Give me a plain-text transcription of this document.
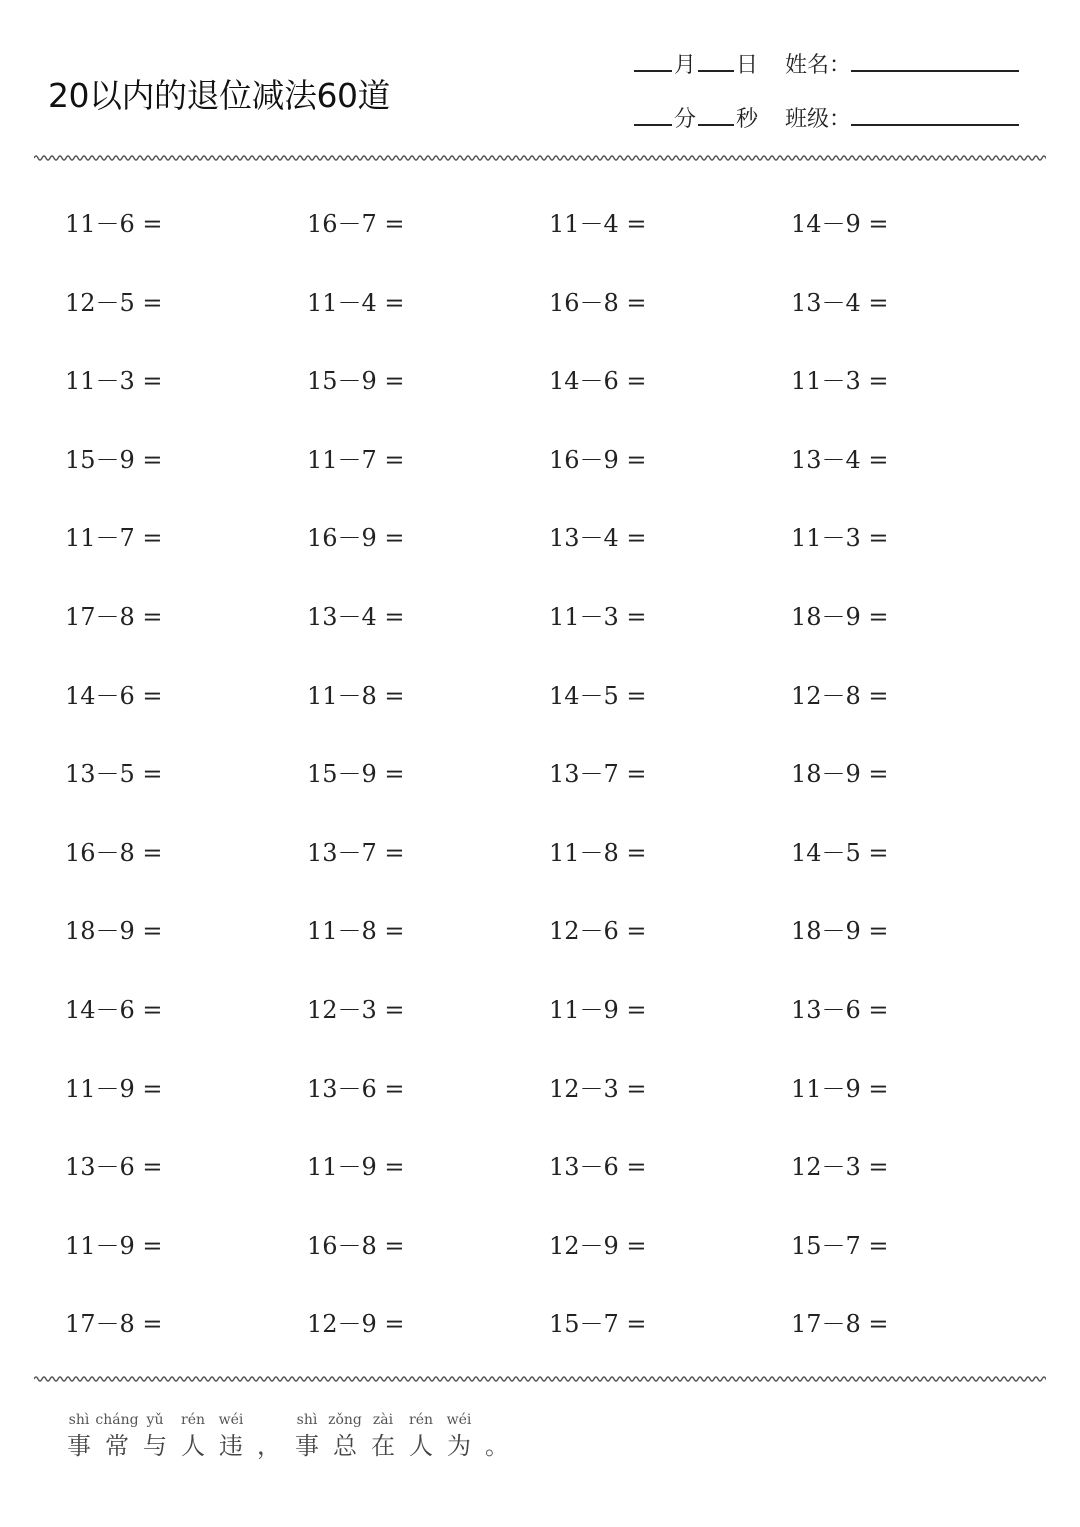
20以内的退位减法60道
月 日 姓名：
分 秒 班级：
11－6 =	16－7 =	11－4 =	14－9 =
12－5 =	11－4 =	16－8 =	13－4 =
11－3 =	15－9 =	14－6 =	11－3 =
15－9 =	11－7 =	16－9 =	13－4 =
11－7 =	16－9 =	13－4 =	11－3 =
17－8 =	13－4 =	11－3 =	18－9 =
14－6 =	11－8 =	14－5 =	12－8 =
13－5 =	15－9 =	13－7 =	18－9 =
16－8 =	13－7 =	11－8 =	14－5 =
18－9 =	11－8 =	12－6 =	18－9 =
14－6 =	12－3 =	11－9 =	13－6 =
11－9 =	13－6 =	12－3 =	11－9 =
13－6 =	11－9 =	13－6 =	12－3 =
11－9 =	16－8 =	12－9 =	15－7 =
17－8 =	12－9 =	15－7 =	17－8 =
shì
事
cháng
常
yǔ
与
rén
人
wéi
违 ，
shì
事
zǒng
总
zài
在
rén
人
wéi
为 。
